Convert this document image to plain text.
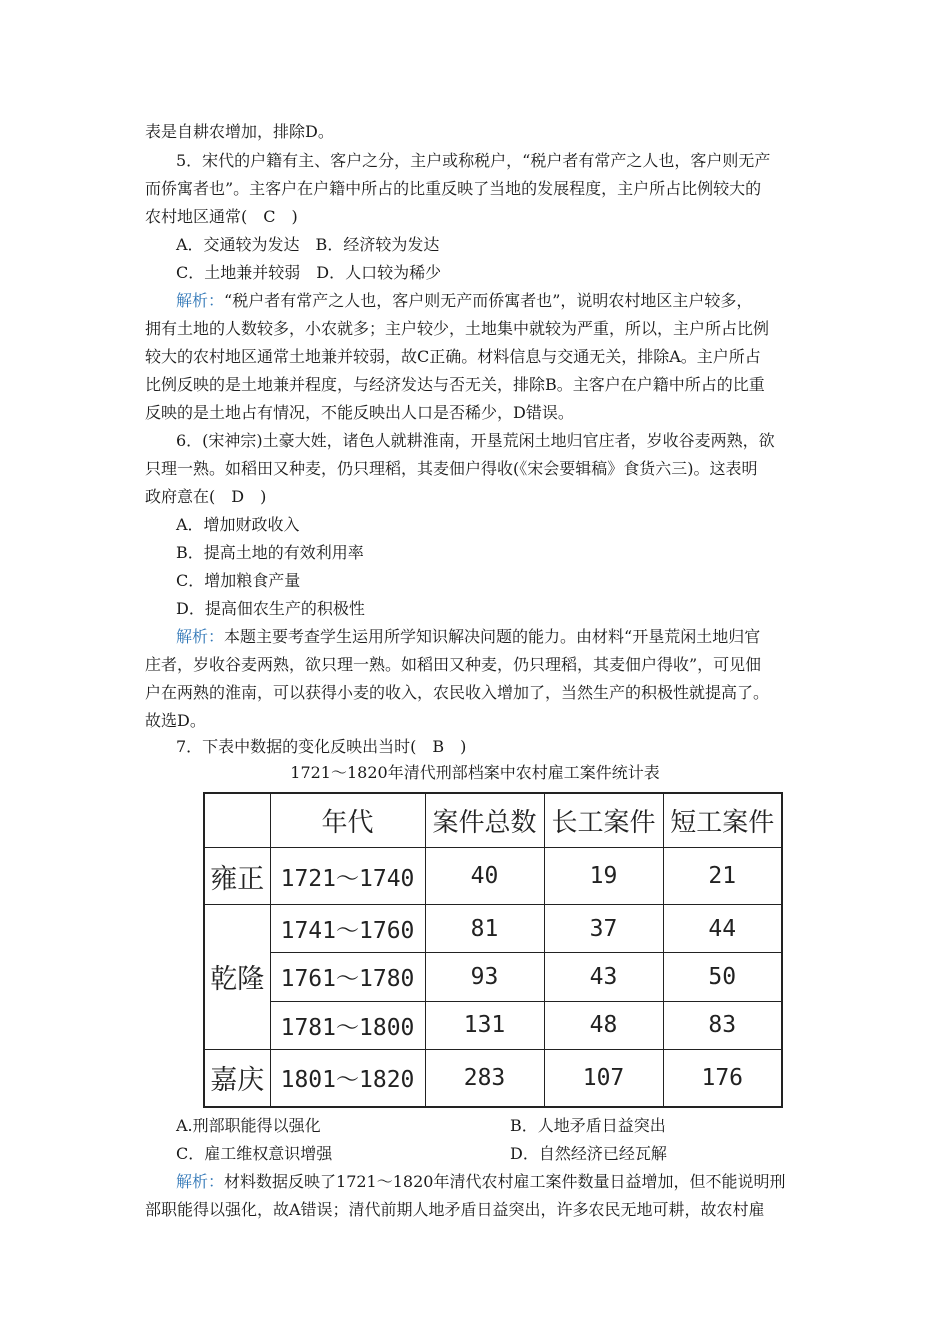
表是自耕农增加，排除D。
5．宋代的户籍有主、客户之分，主户或称税户，“税户者有常产之人也，客户则无产
而侨寓者也”。主客户在户籍中所占的比重反映了当地的发展程度，主户所占比例较大的
农村地区通常(　C　)
A．交通较为发达　B．经济较为发达
C．土地兼并较弱　D．人口较为稀少
解析：“税户者有常产之人也，客户则无产而侨寓者也”，说明农村地区主户较多，
拥有土地的人数较多，小农就多；主户较少，土地集中就较为严重，所以，主户所占比例
较大的农村地区通常土地兼并较弱，故C正确。材料信息与交通无关，排除A。主户所占
比例反映的是土地兼并程度，与经济发达与否无关，排除B。主客户在户籍中所占的比重
反映的是土地占有情况，不能反映出人口是否稀少，D错误。
6．(宋神宗)土豪大姓，诸色人就耕淮南，开垦荒闲土地归官庄者，岁收谷麦两熟，欲
只理一熟。如稻田又种麦，仍只理稻，其麦佃户得收(《宋会要辑稿》食货六三)。这表明
政府意在(　D　)
A．增加财政收入
B．提高土地的有效利用率
C．增加粮食产量
D．提高佃农生产的积极性
解析：本题主要考查学生运用所学知识解决问题的能力。由材料“开垦荒闲土地归官
庄者，岁收谷麦两熟，欲只理一熟。如稻田又种麦，仍只理稻，其麦佃户得收”，可见佃
户在两熟的淮南，可以获得小麦的收入，农民收入增加了，当然生产的积极性就提高了。
故选D。
7．下表中数据的变化反映出当时(　B　)
1721～1820年清代刑部档案中农村雇工案件统计表
	年代	案件总数	长工案件	短工案件
雍正	1721～1740	40	19	21
乾隆	1741～1760	81	37	44
	1761～1780	93	43	50
	1781～1800	131	48	83
嘉庆	1801～1820	283	107	176
A.刑部职能得以强化	B．人地矛盾日益突出
C．雇工维权意识增强	D．自然经济已经瓦解
解析：材料数据反映了1721～1820年清代农村雇工案件数量日益增加，但不能说明刑
部职能得以强化，故A错误；清代前期人地矛盾日益突出，许多农民无地可耕，故农村雇
